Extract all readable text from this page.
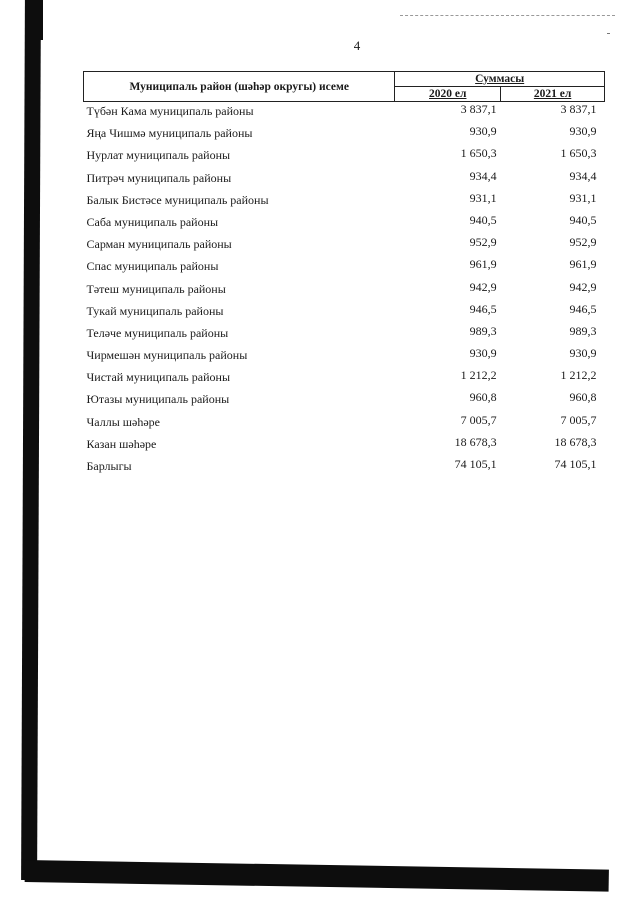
4
Муниципаль район (шәһәр округы) исеме	Суммасы	
	2020 ел	2021 ел
Түбән Кама муниципаль районы	3 837,1	3 837,1
Яңа Чишмә муниципаль районы	930,9	930,9
Нурлат муниципаль районы	1 650,3	1 650,3
Питрәч муниципаль районы	934,4	934,4
Балык Бистәсе муниципаль районы	931,1	931,1
Саба муниципаль районы	940,5	940,5
Сарман муниципаль районы	952,9	952,9
Спас муниципаль районы	961,9	961,9
Тәтеш муниципаль районы	942,9	942,9
Тукай муниципаль районы	946,5	946,5
Теләче муниципаль районы	989,3	989,3
Чирмешән муниципаль районы	930,9	930,9
Чистай муниципаль районы	1 212,2	1 212,2
Ютазы муниципаль районы	960,8	960,8
Чаллы шәһәре	7 005,7	7 005,7
Казан шәһәре	18 678,3	18 678,3
Барлыгы	74 105,1	74 105,1
